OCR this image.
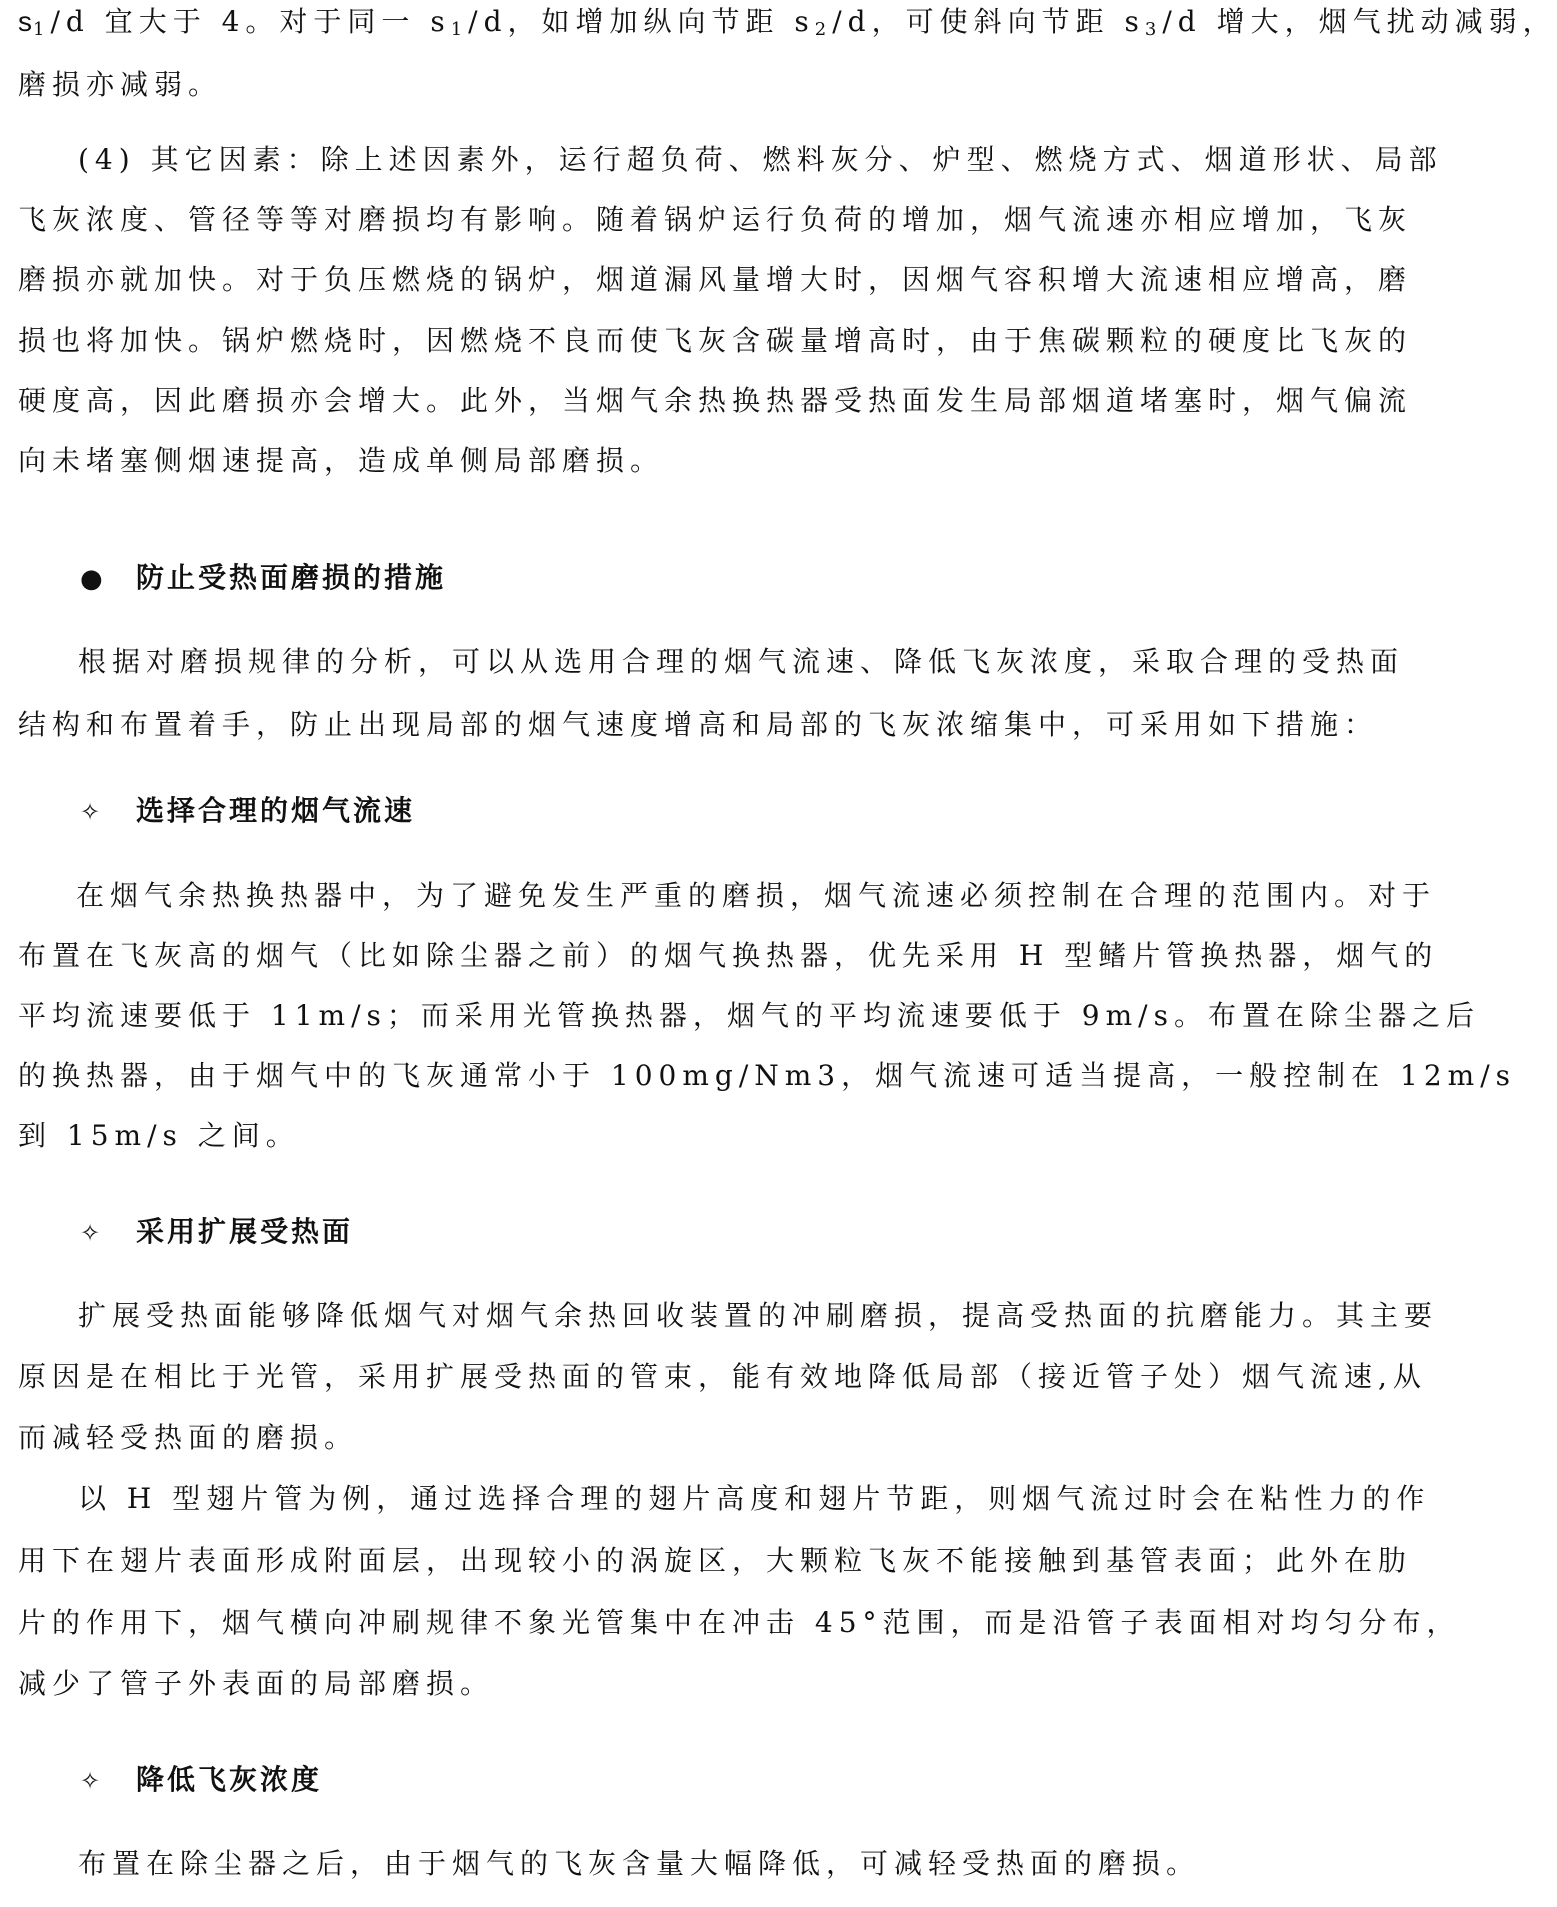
$s_1/d$ 宜大于 4。对于同一 $s_1/d$，如增加纵向节距 $s_2/d$，可使斜向节距 $s_3/d$ 增大，烟气扰动减弱，
磨损亦减弱。
(4) 其它因素：除上述因素外，运行超负荷、燃料灰分、炉型、燃烧方式、烟道形状、局部
飞灰浓度、管径等等对磨损均有影响。随着锅炉运行负荷的增加，烟气流速亦相应增加，飞灰
磨损亦就加快。对于负压燃烧的锅炉，烟道漏风量增大时，因烟气容积增大流速相应增高，磨
损也将加快。锅炉燃烧时，因燃烧不良而使飞灰含碳量增高时，由于焦碳颗粒的硬度比飞灰的
硬度高，因此磨损亦会增大。此外，当烟气余热换热器受热面发生局部烟道堵塞时，烟气偏流
向未堵塞侧烟速提高，造成单侧局部磨损。
● 防止受热面磨损的措施
根据对磨损规律的分析，可以从选用合理的烟气流速、降低飞灰浓度，采取合理的受热面
结构和布置着手，防止出现局部的烟气速度增高和局部的飞灰浓缩集中，可采用如下措施：
✧ 选择合理的烟气流速
在烟气余热换热器中，为了避免发生严重的磨损，烟气流速必须控制在合理的范围内。对于
布置在飞灰高的烟气（比如除尘器之前）的烟气换热器，优先采用 H 型鳍片管换热器，烟气的
平均流速要低于 11m/s；而采用光管换热器，烟气的平均流速要低于 9m/s。布置在除尘器之后
的换热器，由于烟气中的飞灰通常小于 100mg/Nm3，烟气流速可适当提高，一般控制在 12m/s
到 15m/s 之间。
✧ 采用扩展受热面
扩展受热面能够降低烟气对烟气余热回收装置的冲刷磨损，提高受热面的抗磨能力。其主要
原因是在相比于光管，采用扩展受热面的管束，能有效地降低局部（接近管子处）烟气流速,从
而减轻受热面的磨损。
以 H 型翅片管为例，通过选择合理的翅片高度和翅片节距，则烟气流过时会在粘性力的作
用下在翅片表面形成附面层，出现较小的涡旋区，大颗粒飞灰不能接触到基管表面；此外在肋
片的作用下，烟气横向冲刷规律不象光管集中在冲击 45°范围，而是沿管子表面相对均匀分布，
减少了管子外表面的局部磨损。
✧ 降低飞灰浓度
布置在除尘器之后，由于烟气的飞灰含量大幅降低，可减轻受热面的磨损。
